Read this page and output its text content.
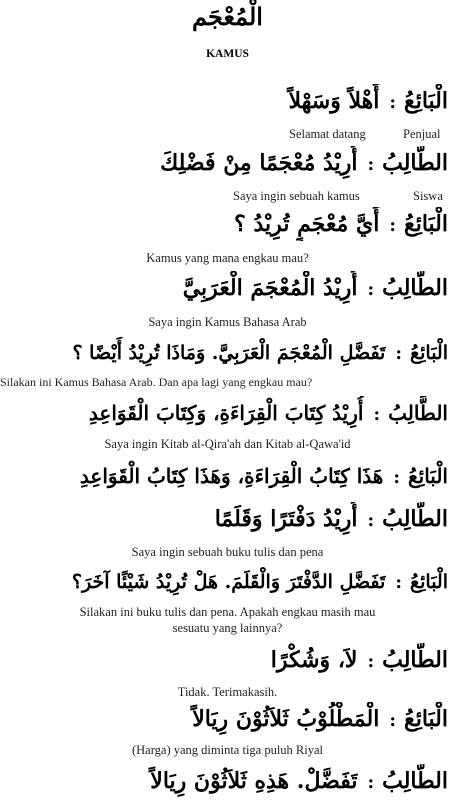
الْمُعْجَم
KAMUS
الْبَائِعُ:أَهْلاً وَسَهْلاً
Selamat datang	Penjual
الطَّالِبُ:أُرِيْدُ مُعْجَمًا مِنْ فَضْلِكَ
Saya ingin sebuah kamus	Siswa
الْبَائِعُ:أَيَّ مُعْجَمٍ تُرِيْدُ ؟
Kamus yang mana engkau mau?
الطَّالِبُ:أُرِيْدُ الْمُعْجَمَ الْعَرَبِيَّ
Saya ingin Kamus Bahasa Arab
الْبَائِعُ:تَفَضَّلِ الْمُعْجَمَ الْعَرَبِيَّ. وَمَاذَا تُرِيْدُ أَيْضًا ؟
Silakan ini Kamus Bahasa Arab. Dan apa lagi yang engkau mau?
الطَّالِبُ:أُرِيْدُ كِتَابَ الْقِرَاءَةِ، وَكِتَابَ الْقَوَاعِدِ
Saya ingin Kitab al-Qira'ah dan Kitab al-Qawa'id
الْبَائِعُ:هَذَا كِتَابُ الْقِرَاءَةِ، وَهَذَا كِتَابُ الْقَوَاعِدِ
الطَّالِبُ:أُرِيْدُ دَفْتَرًا وَقَلَمًا
Saya ingin sebuah buku tulis dan pena
الْبَائِعُ:تَفَضَّلِ الدَّفْتَرَ وَالْقَلَمَ. هَلْ تُرِيْدُ شَيْئًا آخَرَ؟
Silakan ini buku tulis dan pena. Apakah engkau masih mau
sesuatu yang lainnya?
الطَّالِبُ:لاَ، وَشُكْرًا
Tidak. Terimakasih.
الْبَائِعُ:الْمَطْلُوْبُ ثَلاَثُوْنَ رِيَالاً
(Harga) yang diminta tiga puluh Riyal
الطَّالِبُ:تَفَضَّلْ. هَذِهِ ثَلاَثُوْنَ رِيَالاً
